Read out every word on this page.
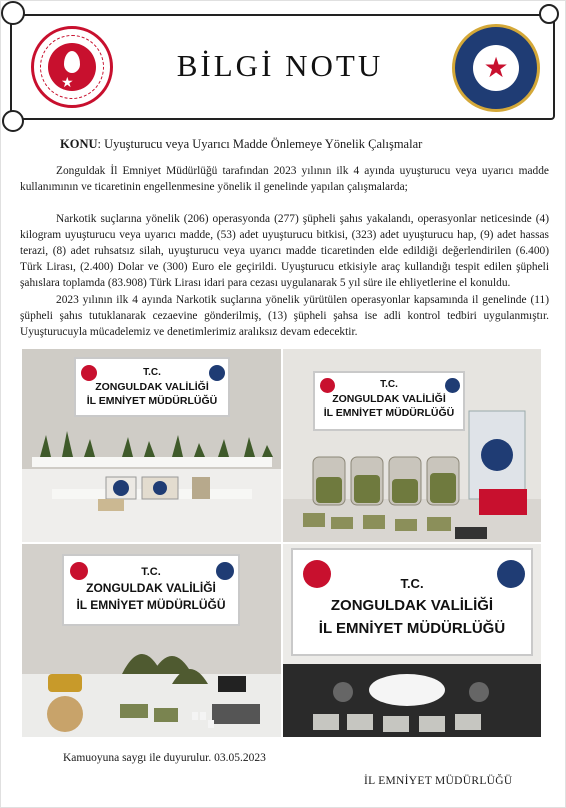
★	BİLGİ NOTU	★
KONU: Uyuşturucu veya Uyarıcı Madde Önlemeye Yönelik Çalışmalar
Zonguldak İl Emniyet Müdürlüğü tarafından 2023 yılının ilk 4 ayında uyuşturucu veya uyarıcı madde kullanımının ve ticaretinin engellenmesine yönelik il genelinde yapılan çalışmalarda;
Narkotik suçlarına yönelik (206) operasyonda (277) şüpheli şahıs yakalandı, operasyonlar neticesinde (4) kilogram uyuşturucu veya uyarıcı madde, (53) adet uyuşturucu bitkisi, (323) adet uyuşturucu hap, (9) adet hassas terazi, (8) adet ruhsatsız silah, uyuşturucu veya uyarıcı madde ticaretinden elde edildiği değerlendirilen (6.400) Türk Lirası, (2.400) Dolar ve (300) Euro ele geçirildi. Uyuşturucu etkisiyle araç kullandığı tespit edilen şüpheli şahıslara toplamda (83.908) Türk Lirası idari para cezası uygulanarak 5 yıl süre ile ehliyetlerine el konuldu.
2023 yılının ilk 4 ayında Narkotik suçlarına yönelik yürütülen operasyonlar kapsamında il genelinde (11) şüpheli şahıs tutuklanarak cezaevine gönderilmiş, (13) şüpheli şahsa ise adli kontrol tedbiri uygulanmıştır. Uyuşturucuyla mücadelemiz ve denetimlerimiz aralıksız devam edecektir.
T.C.
ZONGULDAK VALİLİĞİ
İL EMNİYET MÜDÜRLÜĞÜ
T.C.
ZONGULDAK VALİLİĞİ
İL EMNİYET MÜDÜRLÜĞÜ
T.C.
ZONGULDAK VALİLİĞİ
İL EMNİYET MÜDÜRLÜĞÜ
T.C.
ZONGULDAK VALİLİĞİ
İL EMNİYET MÜDÜRLÜĞÜ
Kamuoyuna saygı ile duyurulur. 03.05.2023
İL EMNİYET MÜDÜRLÜĞÜ
